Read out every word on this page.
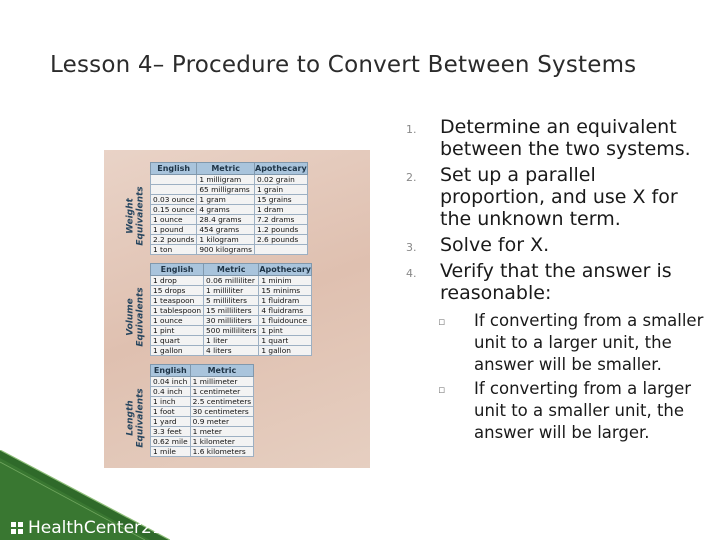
Lesson 4– Procedure to Convert Between Systems
Weight
Equivalents
English	Metric	Apothecary
	1 milligram	0.02 grain
	65 milligrams	1 grain
0.03 ounce	1 gram	15 grains
0.15 ounce	4 grams	1 dram
1 ounce	28.4 grams	7.2 drams
1 pound	454 grams	1.2 pounds
2.2 pounds	1 kilogram	2.6 pounds
1 ton	900 kilograms	
Volume
Equivalents
English	Metric	Apothecary
1 drop	0.06 milliliter	1 minim
15 drops	1 milliliter	15 minims
1 teaspoon	5 milliliters	1 fluidram
1 tablespoon	15 milliliters	4 fluidrams
1 ounce	30 milliliters	1 fluidounce
1 pint	500 milliliters	1 pint
1 quart	1 liter	1 quart
1 gallon	4 liters	1 gallon
Length
Equivalents
English	Metric
0.04 inch	1 millimeter
0.4 inch	1 centimeter
1 inch	2.5 centimeters
1 foot	30 centimeters
1 yard	0.9 meter
3.3 feet	1 meter
0.62 mile	1 kilometer
1 mile	1.6 kilometers
1. Determine an equivalent between the two systems.
2. Set up a parallel proportion, and use X for the unknown term.
3. Solve for X.
4. Verify that the answer is reasonable:
▫ If converting from a smaller unit to a larger unit, the answer will be smaller.
▫ If converting from a larger unit to a smaller unit, the answer will be larger.
HealthCenter21
